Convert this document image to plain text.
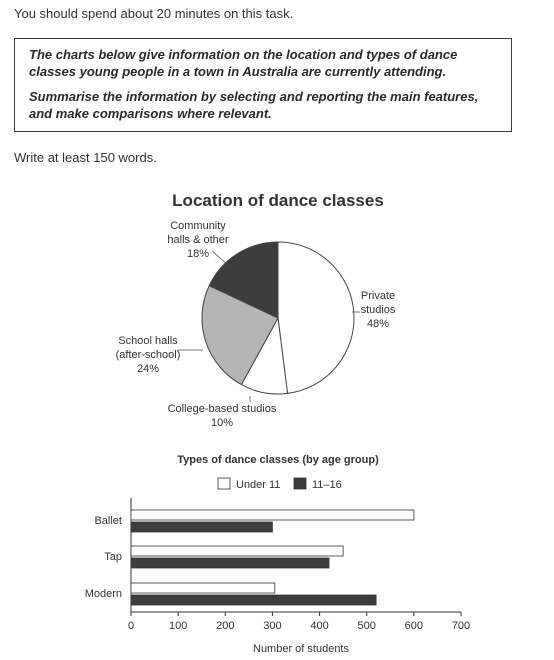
You should spend about 20 minutes on this task.

The charts below give information on the location and types of dance classes young people in a town in Australia are currently attending.

Summarise the information by selecting and reporting the main features, and make comparisons where relevant.

Write at least 150 words.
Location of dance classes
Private studios 48%
College-based studios 10%
School halls (after-school) 24%
Community halls & other 18%
Types of dance classes (by age group)
Under 11	11–16
0	100	200	300	400	500	600	700
Ballet
Tap
Modern
Number of students
